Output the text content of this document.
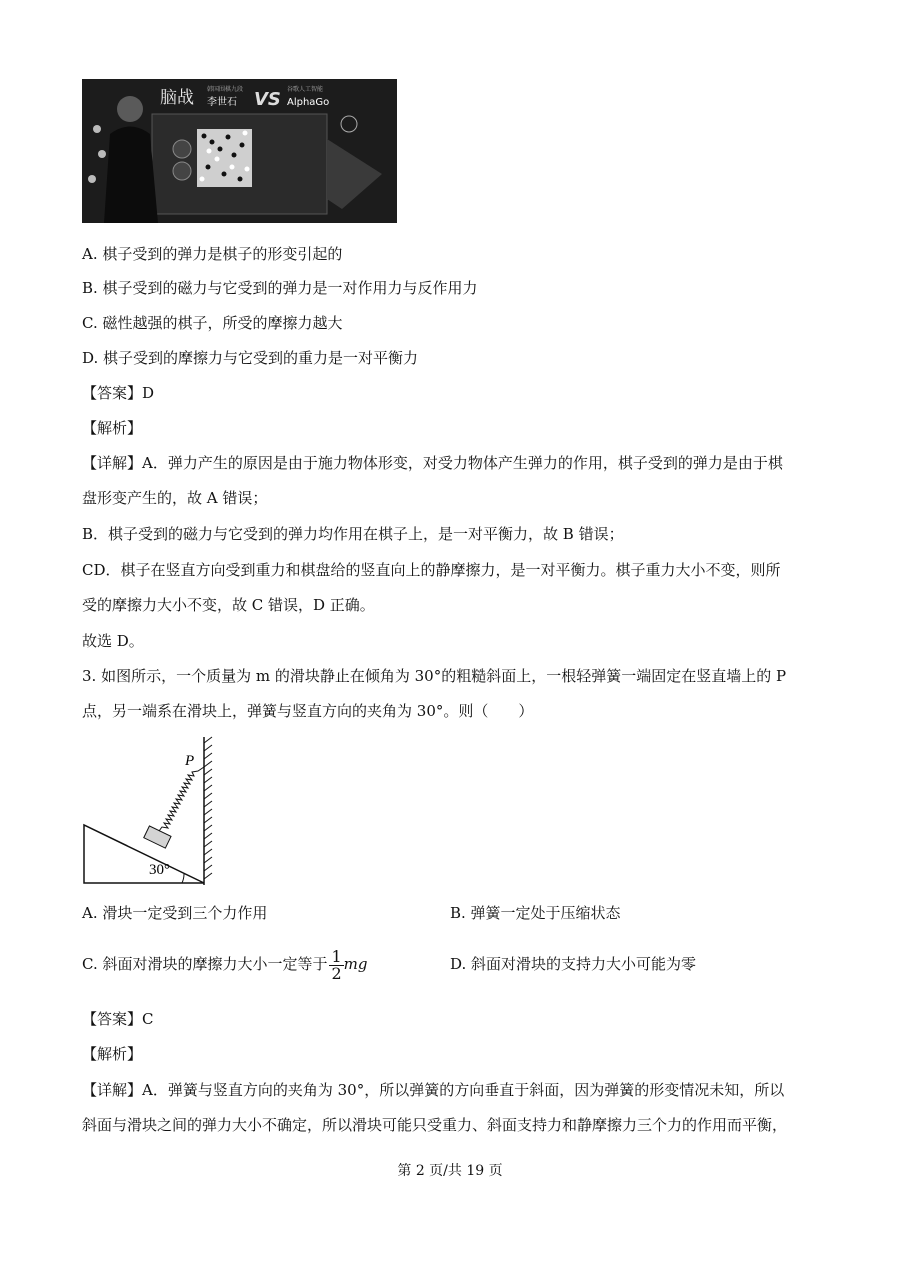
脑战 韩国围棋九段
李世石 VS 谷歌人工智能
AlphaGo
A. 棋子受到的弹力是棋子的形变引起的
B. 棋子受到的磁力与它受到的弹力是一对作用力与反作用力
C. 磁性越强的棋子，所受的摩擦力越大
D. 棋子受到的摩擦力与它受到的重力是一对平衡力
【答案】D
【解析】
【详解】A．弹力产生的原因是由于施力物体形变，对受力物体产生弹力的作用，棋子受到的弹力是由于棋
盘形变产生的，故 A 错误；
B．棋子受到的磁力与它受到的弹力均作用在棋子上，是一对平衡力，故 B 错误；
CD．棋子在竖直方向受到重力和棋盘给的竖直向上的静摩擦力，是一对平衡力。棋子重力大小不变，则所
受的摩擦力大小不变，故 C 错误，D 正确。
故选 D。
3. 如图所示，一个质量为 m 的滑块静止在倾角为 30°的粗糙斜面上，一根轻弹簧一端固定在竖直墙上的 P
点，另一端系在滑块上，弹簧与竖直方向的夹角为 30°。则（　　）
30°
P
A. 滑块一定受到三个力作用	B. 弹簧一定处于压缩状态
C. 斜面对滑块的摩擦力大小一定等于 $\frac{1}{2}$ mg	D. 斜面对滑块的支持力大小可能为零
【答案】C
【解析】
【详解】A．弹簧与竖直方向的夹角为 30°，所以弹簧的方向垂直于斜面，因为弹簧的形变情况未知，所以
斜面与滑块之间的弹力大小不确定，所以滑块可能只受重力、斜面支持力和静摩擦力三个力的作用而平衡，
第 2 页/共 19 页
